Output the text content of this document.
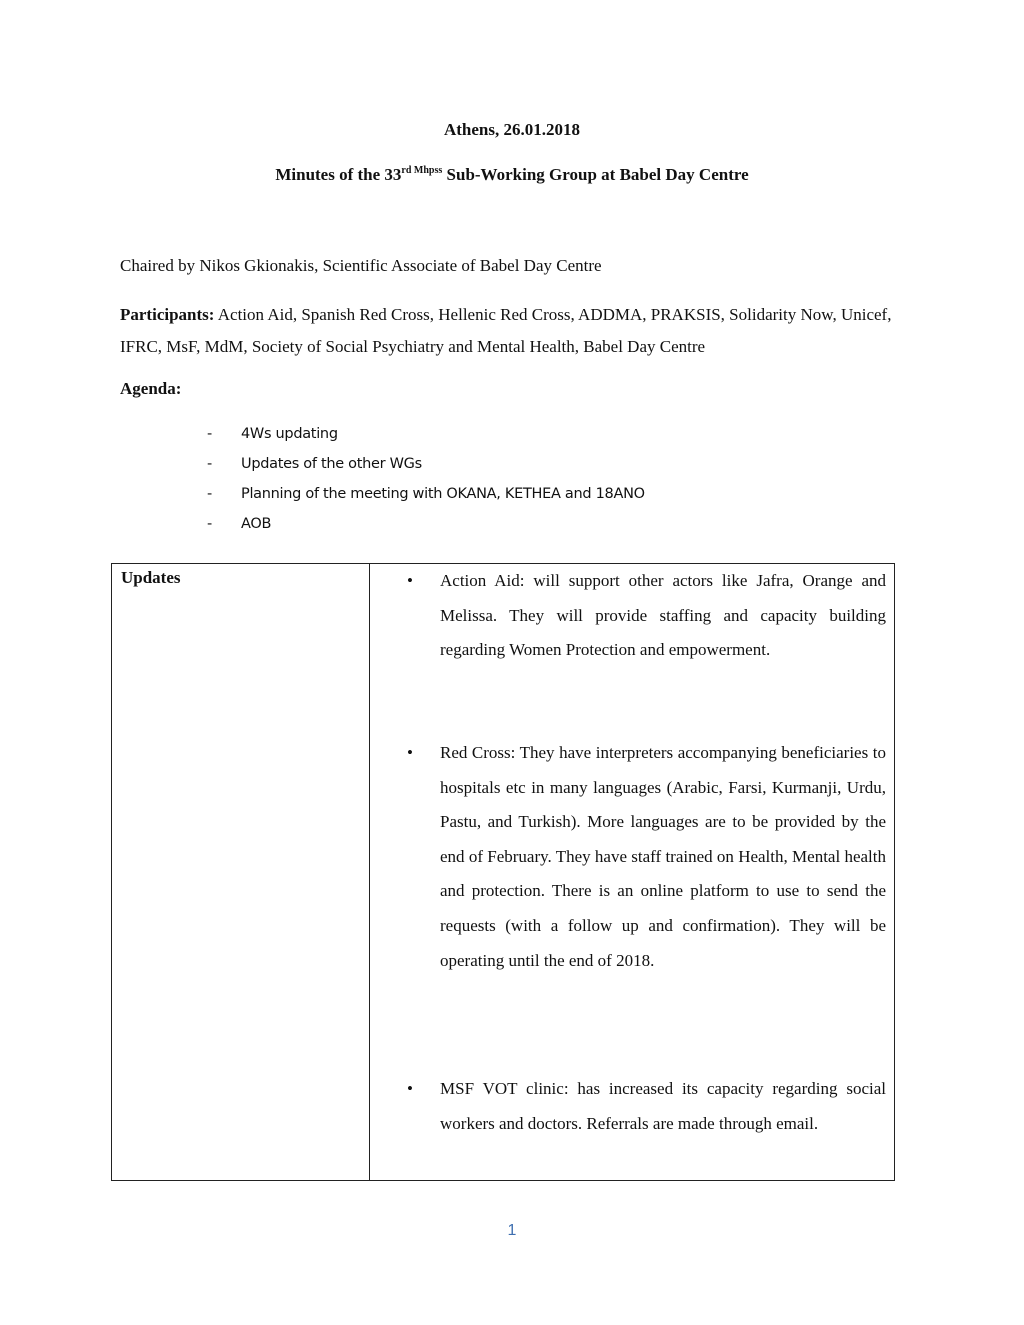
Athens, 26.01.2018
Minutes of the $33^{rd Mhpss}$ Sub-Working Group at Babel Day Centre
Chaired by Nikos Gkionakis, Scientific Associate of Babel Day Centre
Participants: Action Aid, Spanish Red Cross, Hellenic Red Cross, ADDMA, PRAKSIS, Solidarity Now, Unicef, IFRC, MsF, MdM, Society of Social Psychiatry and Mental Health, Babel Day Centre
Agenda:
- 4Ws updating
- Updates of the other WGs
- Planning of the meeting with OKANA, KETHEA and 18ANO
- AOB
Updates	• Action Aid: will support other actors like Jafra, Orange and Melissa. They will provide staffing and capacity building regarding Women Protection and empowerment.
• Red Cross: They have interpreters accompanying beneficiaries to hospitals etc in many languages (Arabic, Farsi, Kurmanji, Urdu, Pastu, and Turkish). More languages are to be provided by the end of February. They have staff trained on Health, Mental health and protection. There is an online platform to use to send the requests (with a follow up and confirmation). They will be operating until the end of 2018.
• MSF VOT clinic: has increased its capacity regarding social workers and doctors. Referrals are made through email.
1
